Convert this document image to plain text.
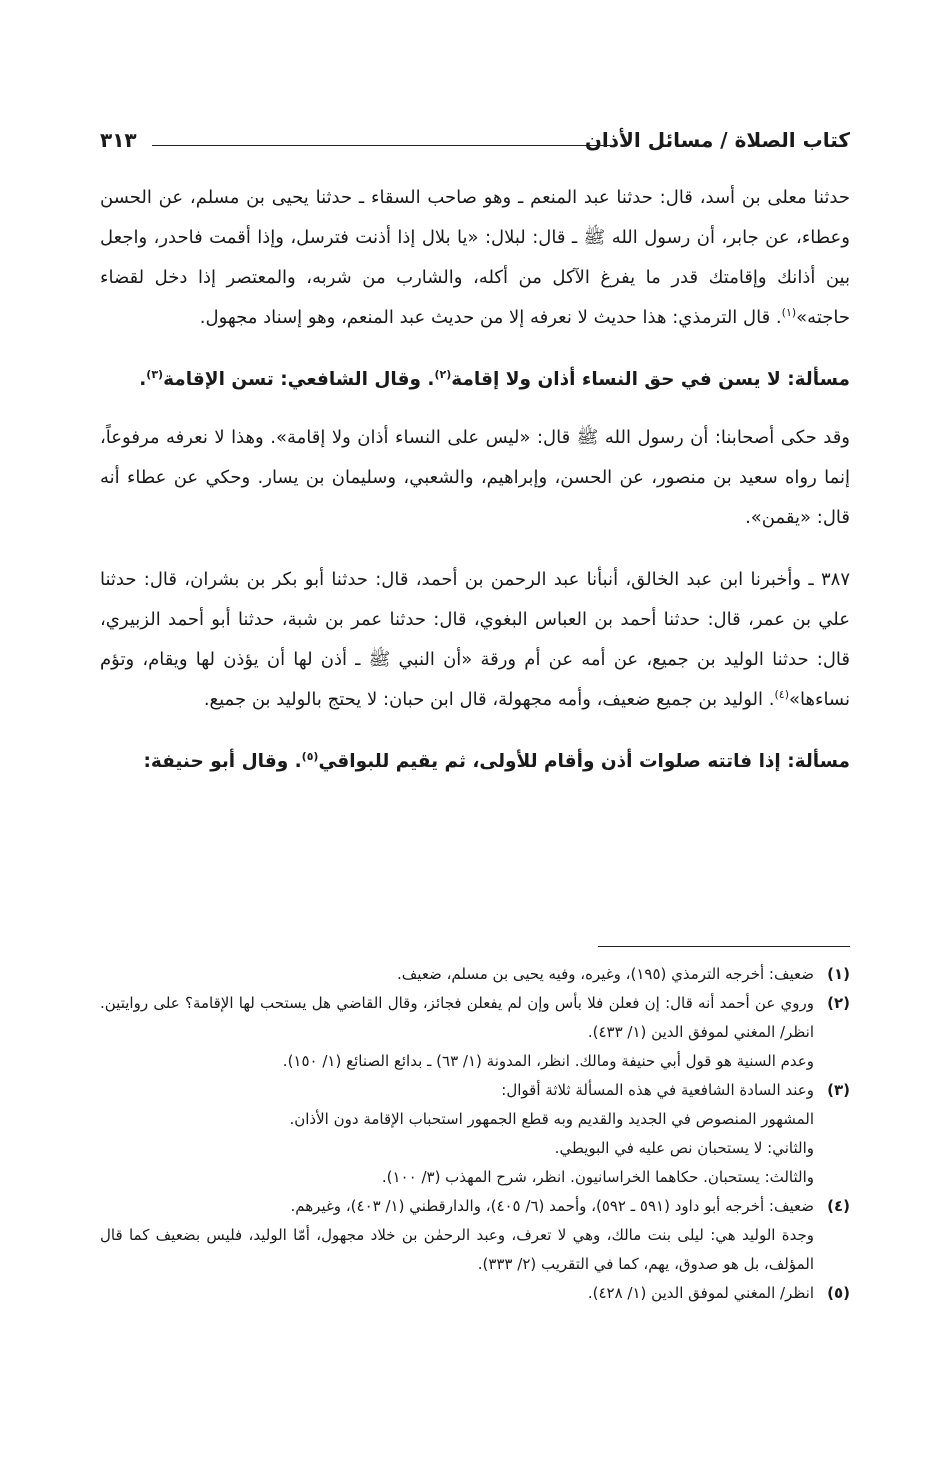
كتاب الصلاة / مسائل الأذان
٣١٣

حدثنا معلى بن أسد، قال: حدثنا عبد المنعم ـ وهو صاحب السقاء ـ حدثنا يحيى بن مسلم، عن الحسن وعطاء، عن جابر، أن رسول الله ﷺ ـ قال: لبلال: «يا بلال إذا أذنت فترسل، وإذا أقمت فاحدر، واجعل بين أذانك وإقامتك قدر ما يفرغ الآكل من أكله، والشارب من شربه، والمعتصر إذا دخل لقضاء حاجته»$^{(١)}$. قال الترمذي: هذا حديث لا نعرفه إلا من حديث عبد المنعم، وهو إسناد مجهول.

مسألة: لا يسن في حق النساء أذان ولا إقامة$^{(٢)}$. وقال الشافعي: تسن الإقامة$^{(٣)}$.

وقد حكى أصحابنا: أن رسول الله ﷺ قال: «ليس على النساء أذان ولا إقامة». وهذا لا نعرفه مرفوعاً، إنما رواه سعيد بن منصور، عن الحسن، وإبراهيم، والشعبي، وسليمان بن يسار. وحكي عن عطاء أنه قال: «يقمن».

٣٨٧ ـ وأخبرنا ابن عبد الخالق، أنبأنا عبد الرحمن بن أحمد، قال: حدثنا أبو بكر بن بشران، قال: حدثنا علي بن عمر، قال: حدثنا أحمد بن العباس البغوي، قال: حدثنا عمر بن شبة، حدثنا أبو أحمد الزبيري، قال: حدثنا الوليد بن جميع، عن أمه عن أم ورقة «أن النبي ﷺ ـ أذن لها أن يؤذن لها ويقام، وتؤم نساءها»$^{(٤)}$. الوليد بن جميع ضعيف، وأمه مجهولة، قال ابن حبان: لا يحتج بالوليد بن جميع.

مسألة: إذا فاتته صلوات أذن وأقام للأولى، ثم يقيم للبواقي$^{(٥)}$. وقال أبو حنيفة:

(١)
ضعيف: أخرجه الترمذي (١٩٥)، وغيره، وفيه يحيى بن مسلم، ضعيف.
(٢)
وروي عن أحمد أنه قال: إن فعلن فلا بأس وإن لم يفعلن فجائز، وقال القاضي هل يستحب لها الإقامة؟ على روايتين. انظر/ المغني لموفق الدين (١/ ٤٣٣).
وعدم السنية هو قول أبي حنيفة ومالك. انظر، المدونة (١/ ٦٣) ـ بدائع الصنائع (١/ ١٥٠).
(٣)
وعند السادة الشافعية في هذه المسألة ثلاثة أقوال:
المشهور المنصوص في الجديد والقديم وبه قطع الجمهور استحباب الإقامة دون الأذان.
والثاني: لا يستحبان نص عليه في البويطي.
والثالث: يستحبان. حكاهما الخراسانيون. انظر، شرح المهذب (٣/ ١٠٠).
(٤)
ضعيف: أخرجه أبو داود (٥٩١ ـ ٥٩٢)، وأحمد (٦/ ٤٠٥)، والدارقطني (١/ ٤٠٣)، وغيرهم.
وجدة الوليد هي: ليلى بنت مالك، وهي لا تعرف، وعبد الرحمٰن بن خلاد مجهول، أمّا الوليد، فليس بضعيف كما قال المؤلف، بل هو صدوق، يهم، كما في التقريب (٢/ ٣٣٣).
(٥)
انظر/ المغني لموفق الدين (١/ ٤٢٨).
